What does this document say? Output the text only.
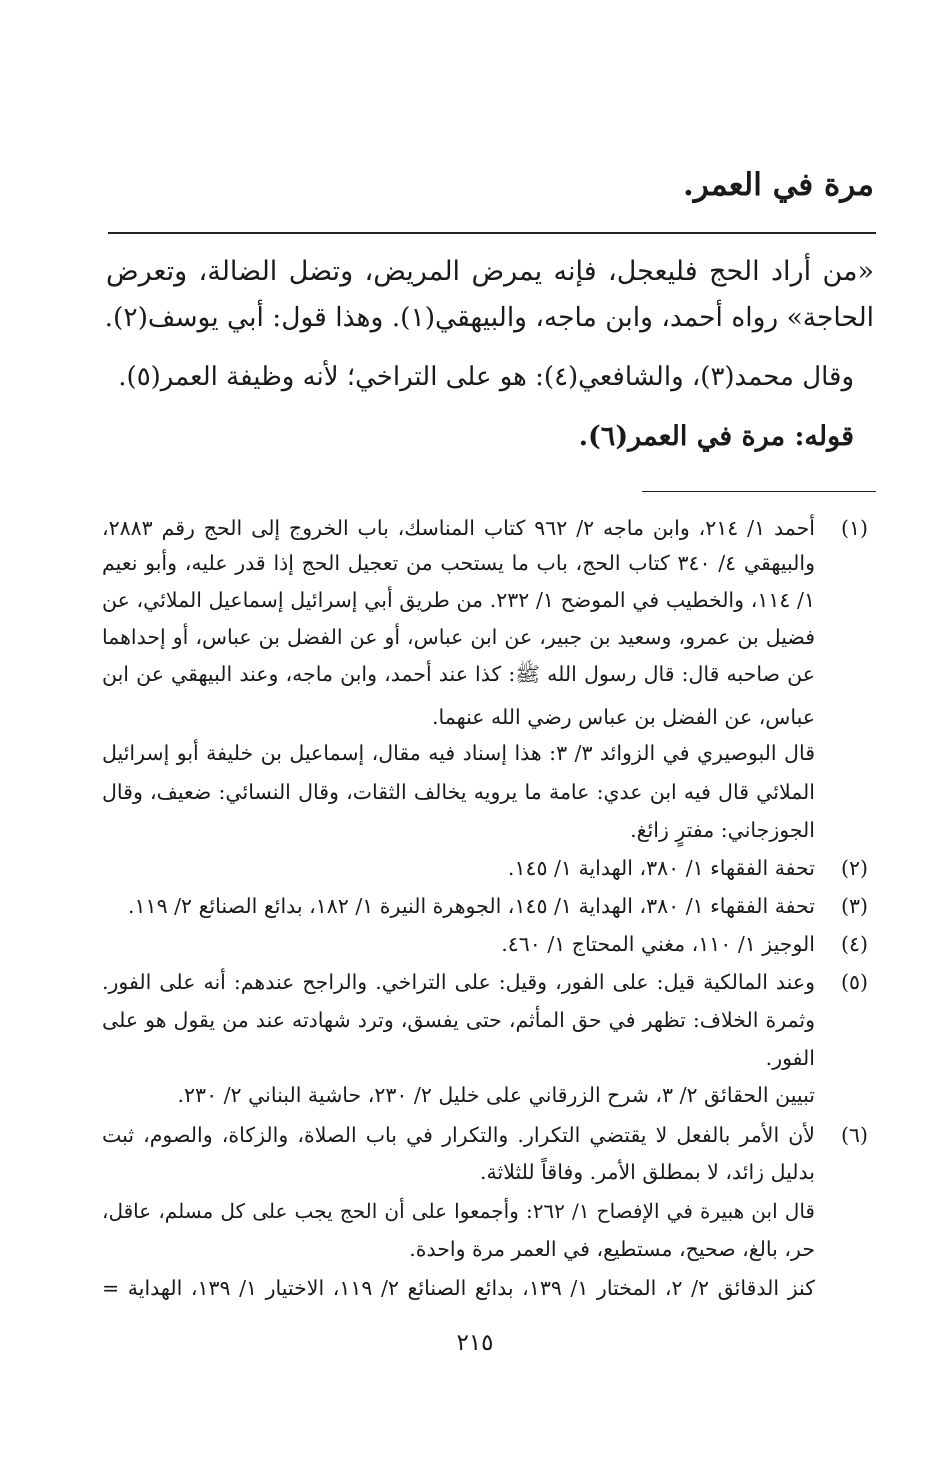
مرة في العمر.
«من أراد الحج فليعجل، فإنه يمرض المريض، وتضل الضالة، وتعرض
الحاجة» رواه أحمد، وابن ماجه، والبيهقي(١). وهذا قول: أبي يوسف(٢).
وقال محمد(٣)، والشافعي(٤): هو على التراخي؛ لأنه وظيفة العمر(٥).
قوله: مرة في العمر(٦).
(١)
أحمد ١/ ٢١٤، وابن ماجه ٢/ ٩٦٢ كتاب المناسك، باب الخروج إلى الحج رقم ٢٨٨٣،
والبيهقي ٤/ ٣٤٠ كتاب الحج، باب ما يستحب من تعجيل الحج إذا قدر عليه، وأبو نعيم
١/ ١١٤، والخطيب في الموضح ١/ ٢٣٢. من طريق أبي إسرائيل إسماعيل الملائي، عن
فضيل بن عمرو، وسعيد بن جبير، عن ابن عباس، أو عن الفضل بن عباس، أو إحداهما
عن صاحبه قال: قال رسول الله ﷺ: كذا عند أحمد، وابن ماجه، وعند البيهقي عن ابن
عباس، عن الفضل بن عباس رضي الله عنهما.
قال البوصيري في الزوائد ٣/ ٣: هذا إسناد فيه مقال، إسماعيل بن خليفة أبو إسرائيل
الملائي قال فيه ابن عدي: عامة ما يرويه يخالف الثقات، وقال النسائي: ضعيف، وقال
الجوزجاني: مفترٍ زائغ.
(٢)
تحفة الفقهاء ١/ ٣٨٠، الهداية ١/ ١٤٥.
(٣)
تحفة الفقهاء ١/ ٣٨٠، الهداية ١/ ١٤٥، الجوهرة النيرة ١/ ١٨٢، بدائع الصنائع ٢/ ١١٩.
(٤)
الوجيز ١/ ١١٠، مغني المحتاج ١/ ٤٦٠.
(٥)
وعند المالكية قيل: على الفور، وقيل: على التراخي. والراجح عندهم: أنه على الفور.
وثمرة الخلاف: تظهر في حق المأثم، حتى يفسق، وترد شهادته عند من يقول هو على
الفور.
تبيين الحقائق ٢/ ٣، شرح الزرقاني على خليل ٢/ ٢٣٠، حاشية البناني ٢/ ٢٣٠.
(٦)
لأن الأمر بالفعل لا يقتضي التكرار. والتكرار في باب الصلاة، والزكاة، والصوم، ثبت
بدليل زائد، لا بمطلق الأمر. وفاقاً للثلاثة.
قال ابن هبيرة في الإفصاح ١/ ٢٦٢: وأجمعوا على أن الحج يجب على كل مسلم، عاقل،
حر، بالغ، صحيح، مستطيع، في العمر مرة واحدة.
كنز الدقائق ٢/ ٢، المختار ١/ ١٣٩، بدائع الصنائع ٢/ ١١٩، الاختيار ١/ ١٣٩، الهداية =
٢١٥
